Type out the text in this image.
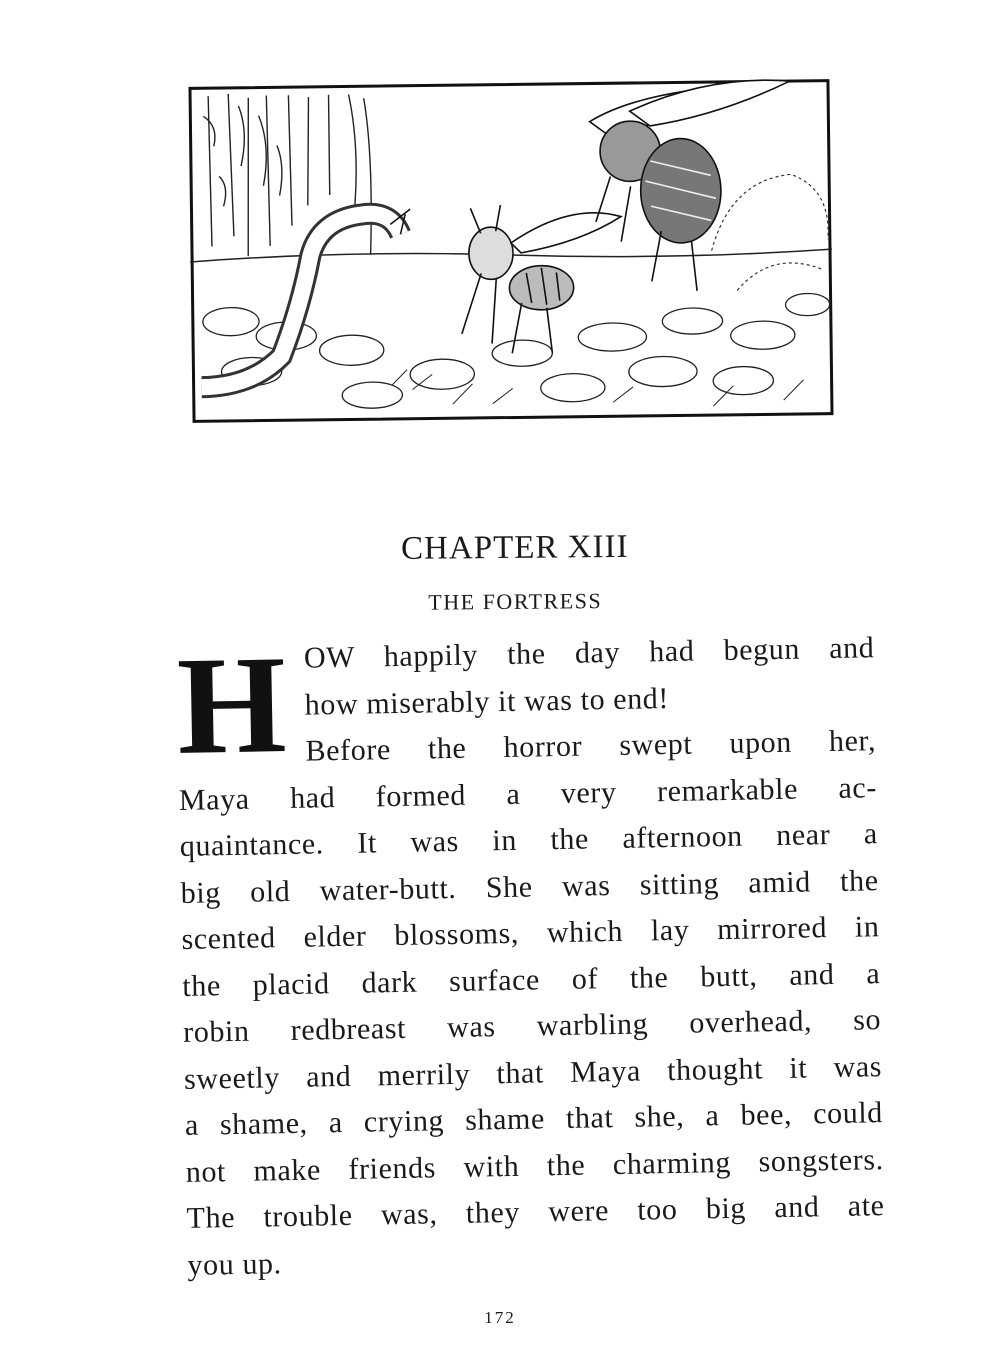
CHAPTER XIII
THE FORTRESS
H OW happily the day had begun and
how miserably it was to end!

Before the horror swept upon her,
Maya had formed a very remarkable ac-
quaintance. It was in the afternoon near a
big old water-butt. She was sitting amid the
scented elder blossoms, which lay mirrored in
the placid dark surface of the butt, and a
robin redbreast was warbling overhead, so
sweetly and merrily that Maya thought it was
a shame, a crying shame that she, a bee, could
not make friends with the charming songsters.
The trouble was, they were too big and ate
you up.

172
